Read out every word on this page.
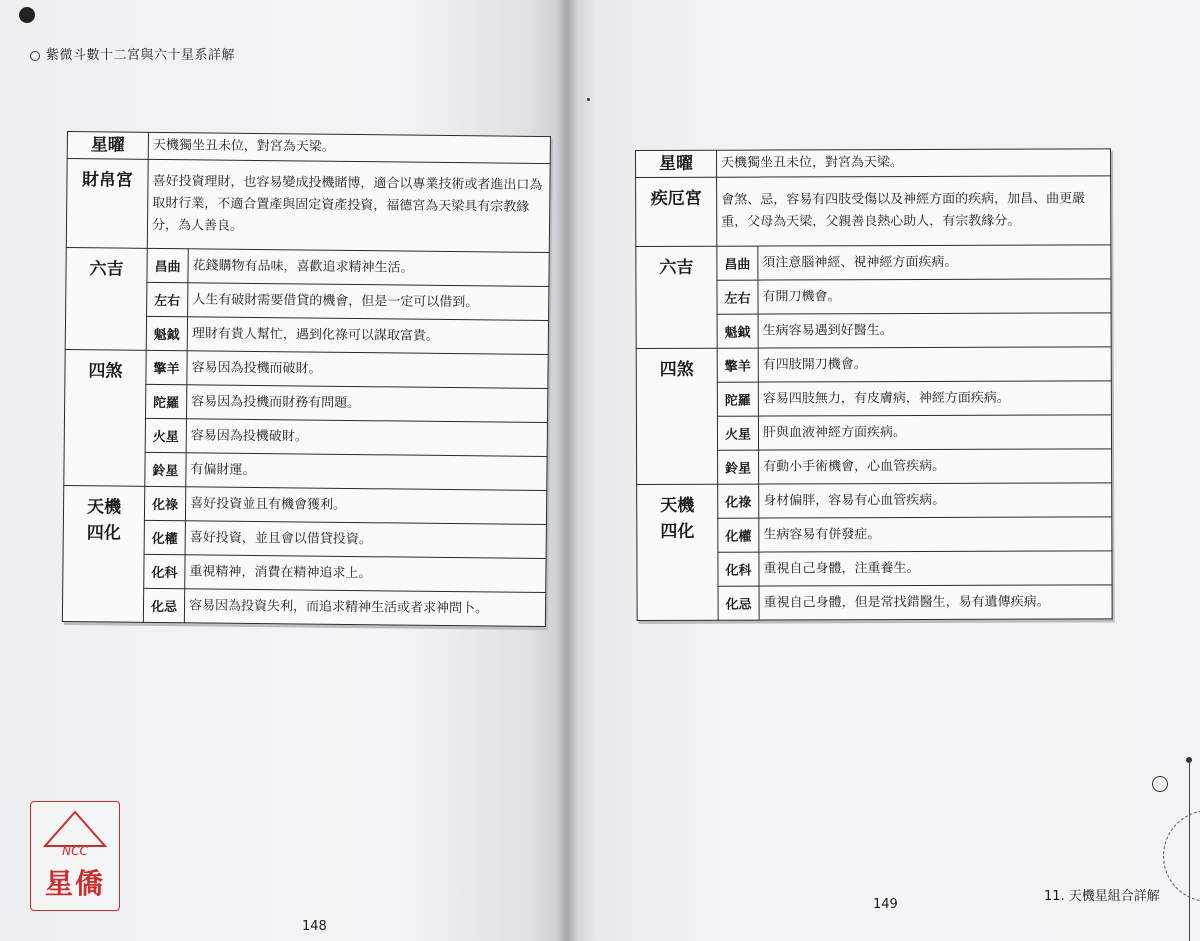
紫微斗數十二宮與六十星系詳解
星曜	天機獨坐丑未位，對宮為天梁。	
財帛宮	喜好投資理財，也容易變成投機賭博，適合以專業技術或者進出口為取財行業，不適合置產與固定資產投資，福德宮為天梁具有宗教緣分，為人善良。	
六吉	昌曲	花錢購物有品味，喜歡追求精神生活。
	左右	人生有破財需要借貸的機會，但是一定可以借到。
	魁鉞	理財有貴人幫忙，遇到化祿可以謀取富貴。
四煞	擎羊	容易因為投機而破財。
	陀羅	容易因為投機而財務有問題。
	火星	容易因為投機破財。
	鈴星	有偏財運。

天機
四化	化祿	喜好投資並且有機會獲利。
	化權	喜好投資，並且會以借貸投資。
	化科	重視精神，消費在精神追求上。
	化忌	容易因為投資失利，而追求精神生活或者求神問卜。
NCC
星僑
148
星曜	天機獨坐丑未位，對宮為天梁。	
疾厄宮	會煞、忌，容易有四肢受傷以及神經方面的疾病，加昌、曲更嚴重，父母為天梁，父親善良熱心助人，有宗教緣分。	
六吉	昌曲	須注意腦神經、視神經方面疾病。
	左右	有開刀機會。
	魁鉞	生病容易遇到好醫生。
四煞	擎羊	有四肢開刀機會。
	陀羅	容易四肢無力，有皮膚病，神經方面疾病。
	火星	肝與血液神經方面疾病。
	鈴星	有動小手術機會，心血管疾病。

天機
四化	化祿	身材偏胖，容易有心血管疾病。
	化權	生病容易有併發症。
	化科	重視自己身體，注重養生。
	化忌	重視自己身體，但是常找錯醫生，易有遺傳疾病。
149
11. 天機星組合詳解
